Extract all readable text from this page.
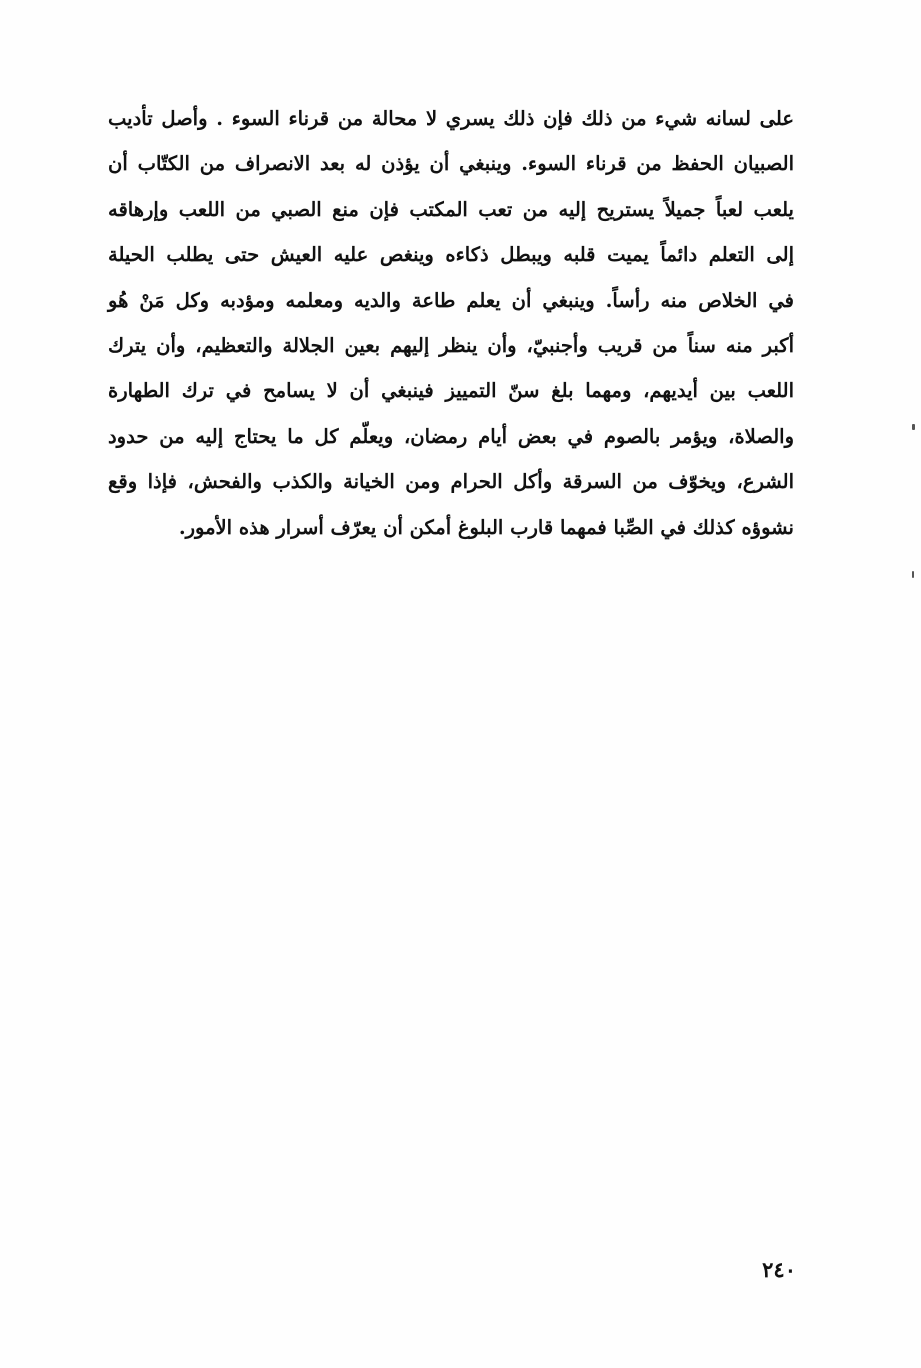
على لسانه شيء من ذلك فإن ذلك يسري لا محالة من قرناء السوء . وأصل تأديب
الصبيان الحفظ من قرناء السوء. وينبغي أن يؤذن له بعد الانصراف من الكتّاب أن
يلعب لعباً جميلاً يستريح إليه من تعب المكتب فإن منع الصبي من اللعب وإرهاقه
إلى التعلم دائماً يميت قلبه ويبطل ذكاءه وينغص عليه العيش حتى يطلب الحيلة
في الخلاص منه رأساً. وينبغي أن يعلم طاعة والديه ومعلمه ومؤدبه وكل مَنْ هُو
أكبر منه سناً من قريب وأجنبيّ، وأن ينظر إليهم بعين الجلالة والتعظيم، وأن يترك
اللعب بين أيديهم، ومهما بلغ سنّ التمييز فينبغي أن لا يسامح في ترك الطهارة
والصلاة، ويؤمر بالصوم في بعض أيام رمضان، ويعلّم كل ما يحتاج إليه من حدود
الشرع، ويخوّف من السرقة وأكل الحرام ومن الخيانة والكذب والفحش، فإذا وقع
نشوؤه كذلك في الصِّبا فمهما قارب البلوغ أمكن أن يعرّف أسرار هذه الأمور.
٢٤٠
